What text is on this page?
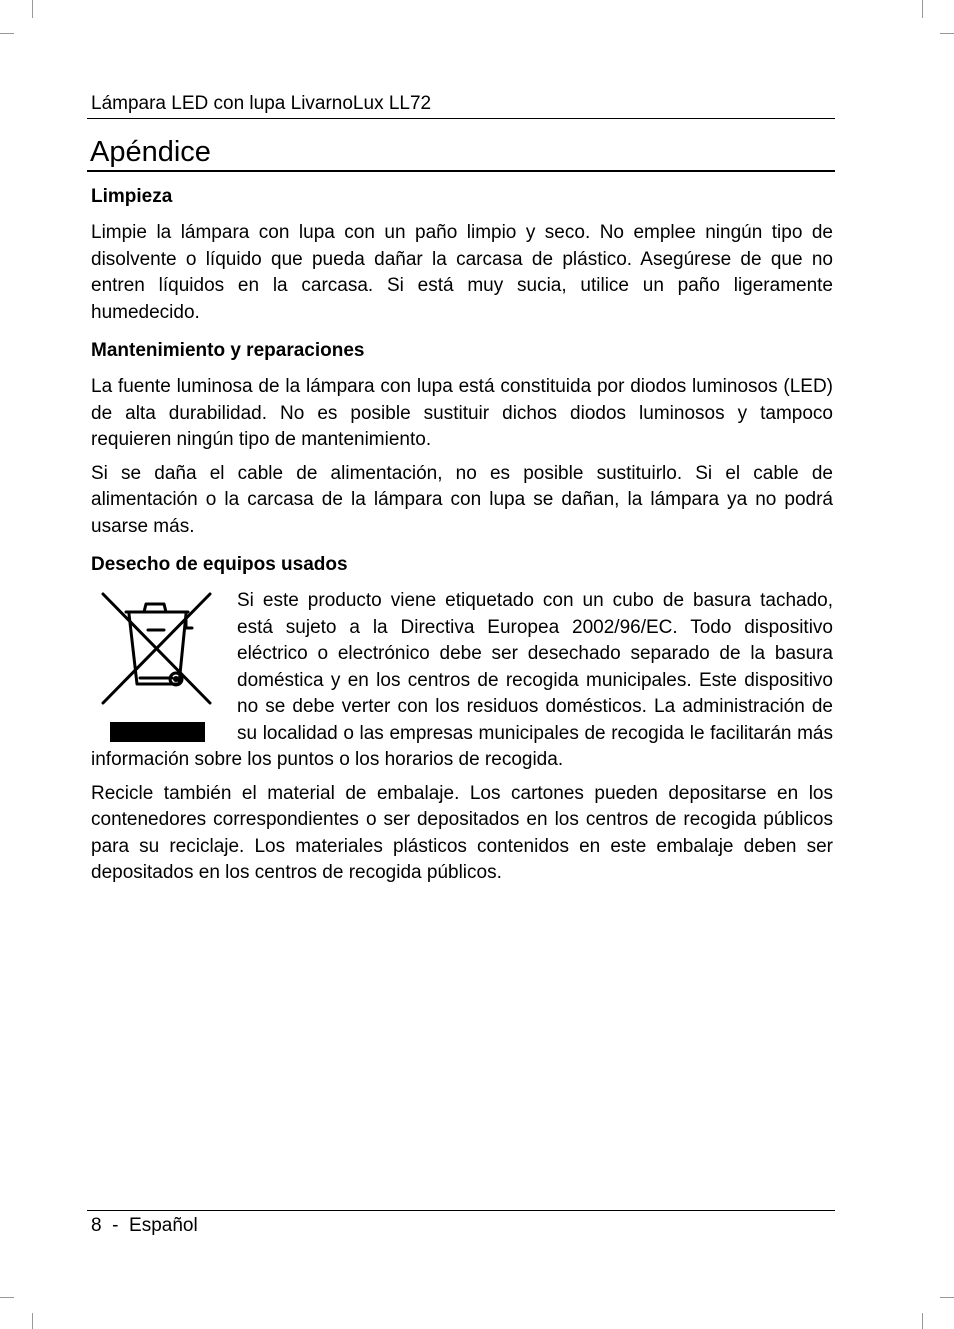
Lámpara LED con lupa LivarnoLux LL72
Apéndice
Limpieza

Limpie la lámpara con lupa con un paño limpio y seco. No emplee ningún tipo de disolvente o líquido que pueda dañar la carcasa de plástico. Asegúrese de que no entren líquidos en la carcasa. Si está muy sucia, utilice un paño ligeramente humedecido.

Mantenimiento y reparaciones

La fuente luminosa de la lámpara con lupa está constituida por diodos luminosos (LED) de alta durabilidad. No es posible sustituir dichos diodos luminosos y tampoco requieren ningún tipo de mantenimiento.

Si se daña el cable de alimentación, no es posible sustituirlo. Si el cable de alimentación o la carcasa de la lámpara con lupa se dañan, la lámpara ya no podrá usarse más.

Desecho de equipos usados

Si este producto viene etiquetado con un cubo de basura tachado, está sujeto a la Directiva Europea 2002/96/EC. Todo dispositivo eléctrico o electrónico debe ser desechado separado de la basura doméstica y en los centros de recogida municipales. Este dispositivo no se debe verter con los residuos domésticos. La administración de su localidad o las empresas municipales de recogida le facilitarán más información sobre los puntos o los horarios de recogida.

Recicle también el material de embalaje. Los cartones pueden depositarse en los contenedores correspondientes o ser depositados en los centros de recogida públicos para su reciclaje. Los materiales plásticos contenidos en este embalaje deben ser depositados en los centros de recogida públicos.

8 - Español
